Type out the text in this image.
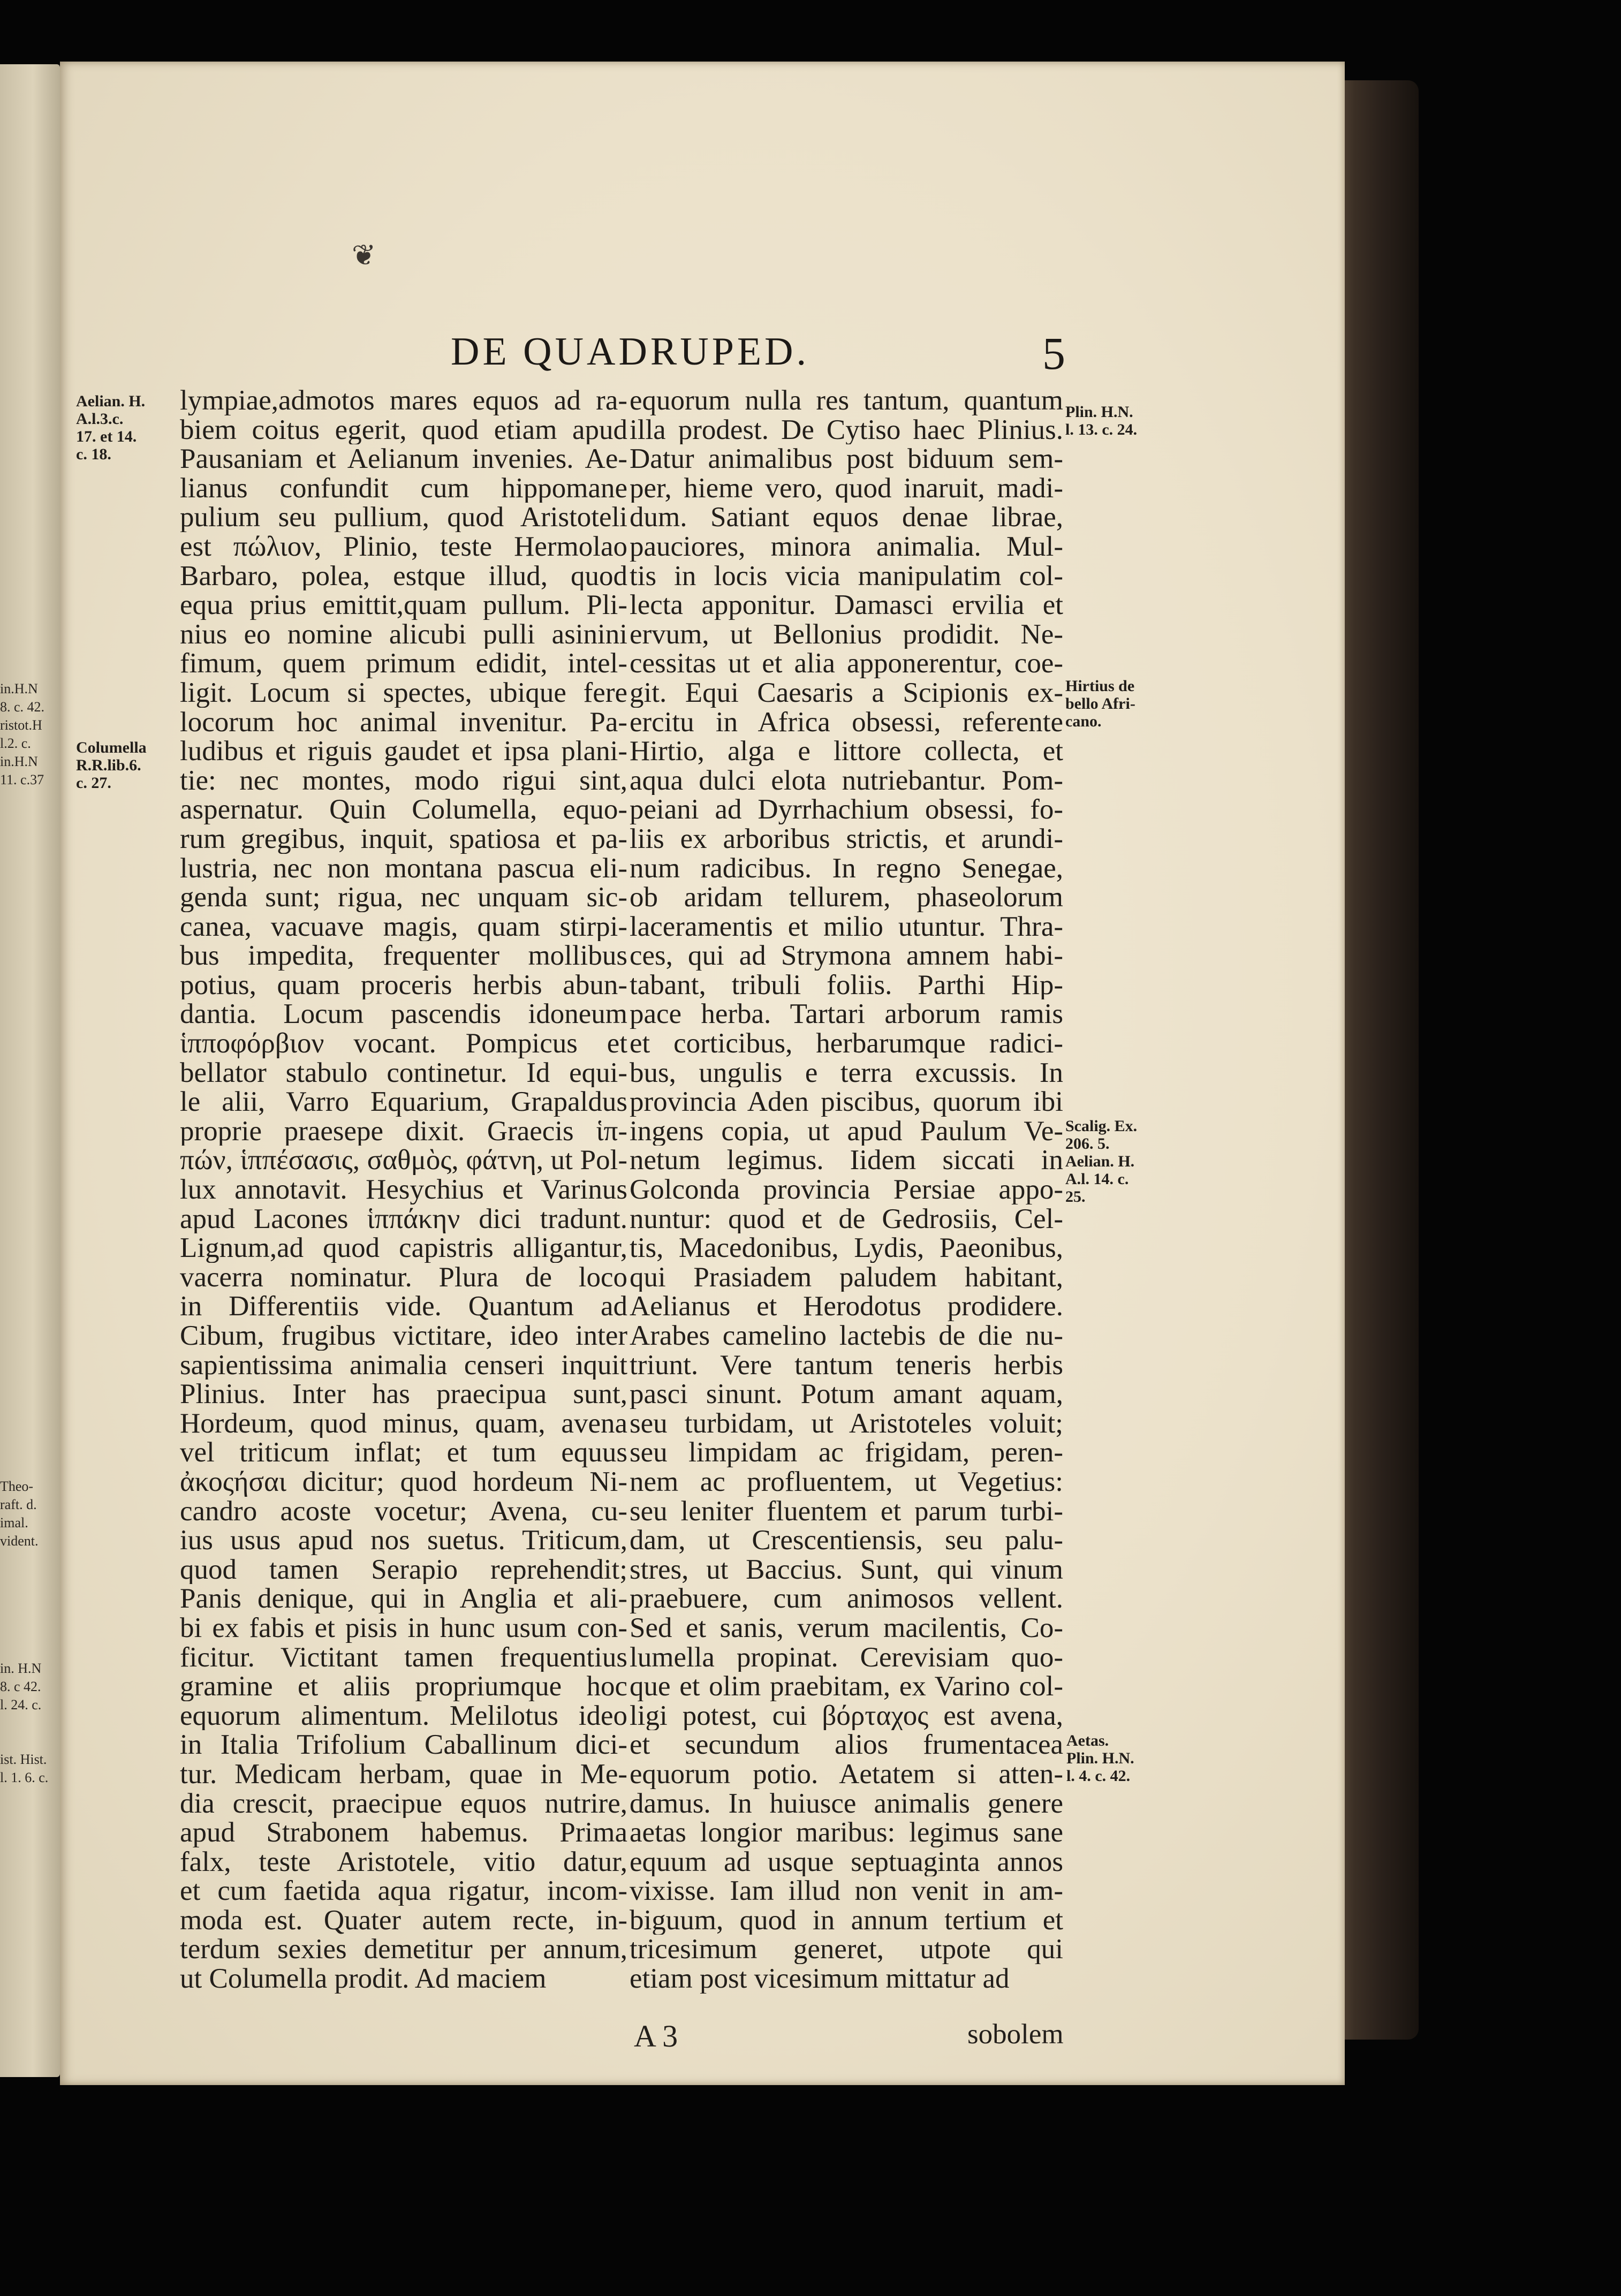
in.H.N
8. c. 42.
ristot.H
l.2. c.
in.H.N
11. c.37
Theo-
raft. d.
imal.
vident.
in. H.N
8. c 42.
l. 24. c.
ist. Hist.
l. 1. 6. c.
❦
DE QUADRUPED.	5
lympiae,admotos mares equos ad ra-
biem coitus egerit, quod etiam apud
Pausaniam et Aelianum invenies. Ae-
lianus confundit cum hippomane
pulium seu pullium, quod Aristoteli
est πώλιον, Plinio, teste Hermolao
Barbaro, polea, estque illud, quod
equa prius emittit,quam pullum. Pli-
nius eo nomine alicubi pulli asinini
fimum, quem primum edidit, intel-
ligit. Locum si spectes, ubique fere
locorum hoc animal invenitur. Pa-
ludibus et riguis gaudet et ipsa plani-
tie: nec montes, modo rigui sint,
aspernatur. Quin Columella, equo-
rum gregibus, inquit, spatiosa et pa-
lustria, nec non montana pascua eli-
genda sunt; rigua, nec unquam sic-
canea, vacuave magis, quam stirpi-
bus impedita, frequenter mollibus
potius, quam proceris herbis abun-
dantia. Locum pascendis idoneum
ἱπποφόρβιον vocant. Pompicus et
bellator stabulo continetur. Id equi-
le alii, Varro Equarium, Grapaldus
proprie praesepe dixit. Graecis ἱπ-
πών, ἱππέσασις, σαθμὸς, φάτνη, ut Pol-
lux annotavit. Hesychius et Varinus
apud Lacones ἱππάκην dici tradunt.
Lignum,ad quod capistris alligantur,
vacerra nominatur. Plura de loco
in Differentiis vide. Quantum ad
Cibum, frugibus victitare, ideo inter
sapientissima animalia censeri inquit
Plinius. Inter has praecipua sunt,
Hordeum, quod minus, quam, avena
vel triticum inflat; et tum equus
ἀκοςήσαι dicitur; quod hordeum Ni-
candro acoste vocetur; Avena, cu-
ius usus apud nos suetus. Triticum,
quod tamen Serapio reprehendit;
Panis denique, qui in Anglia et ali-
bi ex fabis et pisis in hunc usum con-
ficitur. Victitant tamen frequentius
gramine et aliis propriumque hoc
equorum alimentum. Melilotus ideo
in Italia Trifolium Caballinum dici-
tur. Medicam herbam, quae in Me-
dia crescit, praecipue equos nutrire,
apud Strabonem habemus. Prima
falx, teste Aristotele, vitio datur,
et cum faetida aqua rigatur, incom-
moda est. Quater autem recte, in-
terdum sexies demetitur per annum,
ut Columella prodit. Ad maciem
equorum nulla res tantum, quantum
illa prodest. De Cytiso haec Plinius.
Datur animalibus post biduum sem-
per, hieme vero, quod inaruit, madi-
dum. Satiant equos denae librae,
pauciores, minora animalia. Mul-
tis in locis vicia manipulatim col-
lecta apponitur. Damasci ervilia et
ervum, ut Bellonius prodidit. Ne-
cessitas ut et alia apponerentur, coe-
git. Equi Caesaris a Scipionis ex-
ercitu in Africa obsessi, referente
Hirtio, alga e littore collecta, et
aqua dulci elota nutriebantur. Pom-
peiani ad Dyrrhachium obsessi, fo-
liis ex arboribus strictis, et arundi-
num radicibus. In regno Senegae,
ob aridam tellurem, phaseolorum
laceramentis et milio utuntur. Thra-
ces, qui ad Strymona amnem habi-
tabant, tribuli foliis. Parthi Hip-
pace herba. Tartari arborum ramis
et corticibus, herbarumque radici-
bus, ungulis e terra excussis. In
provincia Aden piscibus, quorum ibi
ingens copia, ut apud Paulum Ve-
netum legimus. Iidem siccati in
Golconda provincia Persiae appo-
nuntur: quod et de Gedrosiis, Cel-
tis, Macedonibus, Lydis, Paeonibus,
qui Prasiadem paludem habitant,
Aelianus et Herodotus prodidere.
Arabes camelino lactebis de die nu-
triunt. Vere tantum teneris herbis
pasci sinunt. Potum amant aquam,
seu turbidam, ut Aristoteles voluit;
seu limpidam ac frigidam, peren-
nem ac profluentem, ut Vegetius:
seu leniter fluentem et parum turbi-
dam, ut Crescentiensis, seu palu-
stres, ut Baccius. Sunt, qui vinum
praebuere, cum animosos vellent.
Sed et sanis, verum macilentis, Co-
lumella propinat. Cerevisiam quo-
que et olim praebitam, ex Varino col-
ligi potest, cui βόρταχος est avena,
et secundum alios frumentacea
equorum potio. Aetatem si atten-
damus. In huiusce animalis genere
aetas longior maribus: legimus sane
equum ad usque septuaginta annos
vixisse. Iam illud non venit in am-
biguum, quod in annum tertium et
tricesimum generet, utpote qui
etiam post vicesimum mittatur ad
Aelian. H.
A.l.3.c.
17. et 14.
c. 18.
Columella
R.R.lib.6.
c. 27.
Plin. H.N.
l. 13. c. 24.
Hirtius de
bello Afri-
cano.
Scalig. Ex.
206. 5.
Aelian. H.
A.l. 14. c.
25.
Aetas.
Plin. H.N.
l. 4. c. 42.
A 3	sobolem
